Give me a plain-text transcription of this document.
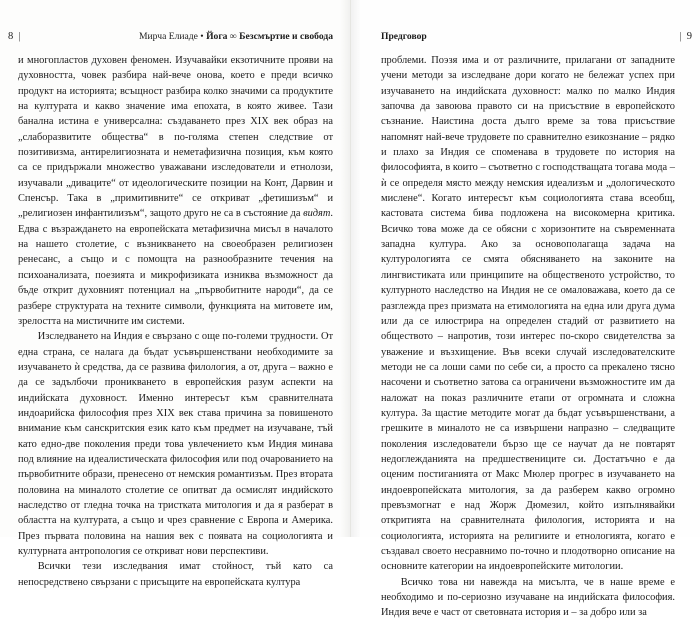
8 |	Мирча Елиаде • Йога ∞ Безсмъртие и свобода

и многопластов духовен феномен. Изучавайки екзотичните прояви на духовността, човек разбира най-вече онова, което е преди всичко продукт на историята; всъщност разбира колко значими са продуктите на културата и какво значение има епохата, в която живее. Тази банална истина е универсална: създаването през XIX век образ на „слаборазвитите общества“ в по-голяма степен следствие от позитивизма, антирелигиозната и неметафизична позиция, към която са се придържали множество уважавани изследователи и етнолози, изучавали „диваците“ от идеологическите позиции на Конт, Дарвин и Спенсър. Така в „примитивните“ се откриват „фетишизъм“ и „религиозен инфантилизъм“, защото друго не са в състояние да видят. Едва с възраждането на европейската метафизична мисъл в началото на нашето столетие, с възникването на своеобразен религиозен ренесанс, а също и с помощта на разнообразните течения на психоанализата, поезията и микрофизиката изниква възможност да бъде открит духовният потенциал на „първобитните народи“, да се разбере структурата на техните символи, функцията на митовете им, зрелостта на мистичните им системи.

Изследването на Индия е свързано с още по-големи трудности. От една страна, се налага да бъдат усъвършенствани необходимите за изучаването ѝ средства, да се развива филология, а от, друга – важно е да се задълбочи проникването в европейския разум аспекти на индийската духовност. Именно интересът към сравнителната индоарийска философия през XIX век става причина за повишеното внимание към санскритския език като към предмет на изучаване, тъй като едно-две поколения преди това увлечението към Индия минава под влияние на идеалистическата философия или под очарованието на първобитните образи, пренесено от немския романтизъм. През втората половина на миналото столетие се опитват да осмислят индийското наследство от гледна точка на тристката митология и да я разберат в областта на културата, а също и чрез сравнение с Европа и Америка. През първата половина на нашия век с появата на социологията и културната антропология се откриват нови перспективи.

Всички тези изследвания имат стойност, тъй като са непосредствено свързани с присъщите на европейската култура

Предговор	| 9

проблеми. Поэзя има и от различните, прилагани от западните учени методи за изследване дори когато не бележат успех при изучаването на индийската духовност: малко по малко Индия започва да завоюва правото си на присъствие в европейското съзнание. Наистина доста дълго време за това присъствие напомнят най-вече трудовете по сравнително езикознание – рядко и плахо за Индия се споменава в трудовете по история на философията, в които – съответно с господстващата тогава мода – ѝ се определя място между немския идеализъм и „дологическото мислене“. Когато интересът към социологията става всеобщ, кастовата система бива подложена на високомерна критика. Всичко това може да се обясни с хоризонтите на съвременната западна култура. Ако за основополагаща задача на културологията се смята обясняването на законите на лингвистиката или принципите на общественото устройство, то културното наследство на Индия не се омаловажава, което да се разглежда през призмата на етимологията на една или друга дума или да се илюстрира на определен стадий от развитието на обществото – напротив, този интерес по-скоро свидетелства за уважение и възхищение. Във всеки случай изследователските методи не са лоши сами по себе си, а просто са прекалено тясно насочени и съответно затова са ограничени възможностите им да наложат на показ различните етапи от огромната и сложна култура. За щастие методите могат да бъдат усъвършенствани, а грешките в миналото не са извършени напразно – следващите поколения изследователи бързо ще се научат да не повтарят недоглежданията на предшествениците си. Достатъчно е да оценим постиганията от Макс Мюлер прогрес в изучаването на индоевропейската митология, за да разберем какво огромно превъзмогнат е над Жорж Дюмезил, който изпълнявайки откритията на сравнителната филология, историята и на социологията, историята на религиите и етнологията, когато е създавал своето несравнимо по-точно и плодотворно описание на основните категории на индоевропейските митологии.

Всичко това ни навежда на мисълта, че в наше време е необходимо и по-сериозно изучаване на индийската философия. Индия вече е част от световната история и – за добро или за
